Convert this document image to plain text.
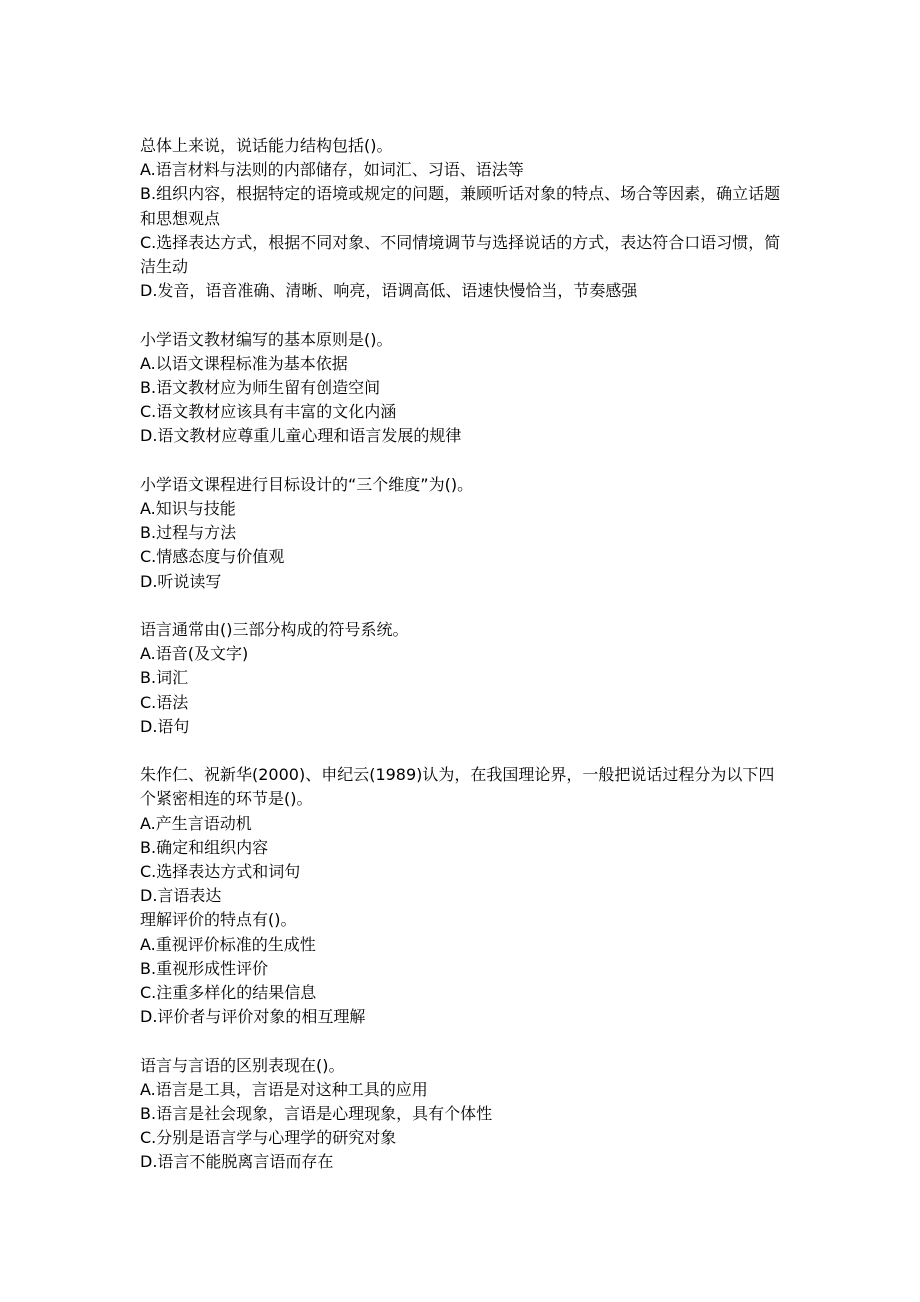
总体上来说，说话能力结构包括()。
A.语言材料与法则的内部储存，如词汇、习语、语法等
B.组织内容，根据特定的语境或规定的问题，兼顾听话对象的特点、场合等因素，确立话题和思想观点
C.选择表达方式，根据不同对象、不同情境调节与选择说话的方式，表达符合口语习惯，简洁生动
D.发音，语音准确、清晰、响亮，语调高低、语速快慢恰当，节奏感强
小学语文教材编写的基本原则是()。
A.以语文课程标准为基本依据
B.语文教材应为师生留有创造空间
C.语文教材应该具有丰富的文化内涵
D.语文教材应尊重儿童心理和语言发展的规律
小学语文课程进行目标设计的“三个维度”为()。
A.知识与技能
B.过程与方法
C.情感态度与价值观
D.听说读写
语言通常由()三部分构成的符号系统。
A.语音(及文字)
B.词汇
C.语法
D.语句
朱作仁、祝新华(2000)、申纪云(1989)认为，在我国理论界，一般把说话过程分为以下四个紧密相连的环节是()。
A.产生言语动机
B.确定和组织内容
C.选择表达方式和词句
D.言语表达
理解评价的特点有()。
A.重视评价标准的生成性
B.重视形成性评价
C.注重多样化的结果信息
D.评价者与评价对象的相互理解
语言与言语的区别表现在()。
A.语言是工具，言语是对这种工具的应用
B.语言是社会现象，言语是心理现象，具有个体性
C.分别是语言学与心理学的研究对象
D.语言不能脱离言语而存在
